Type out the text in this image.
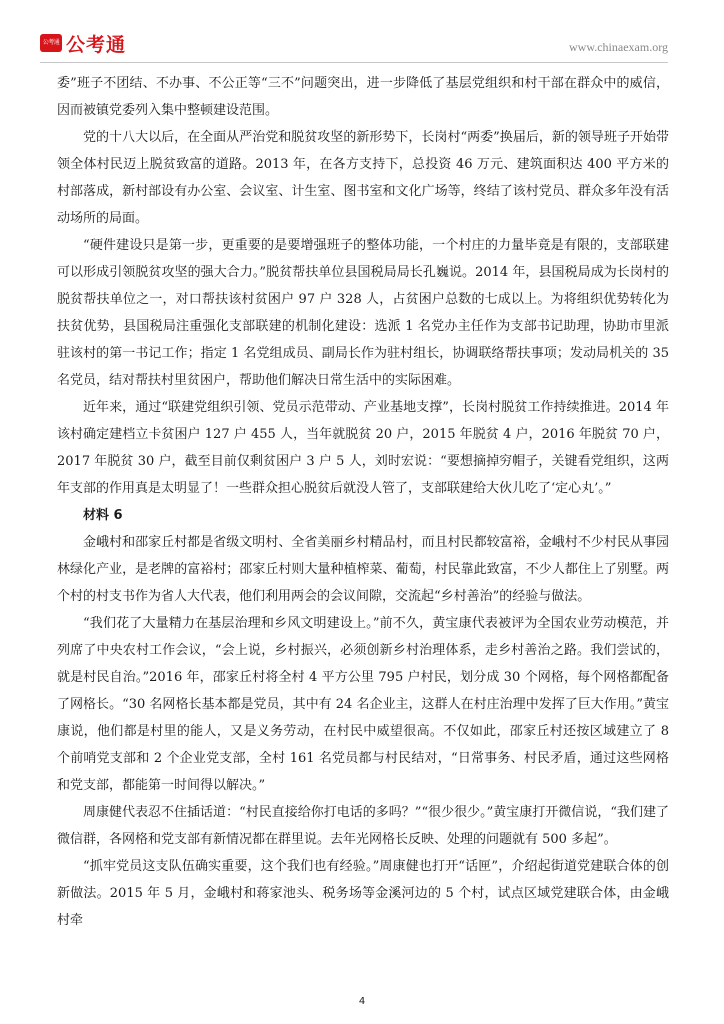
公考通 公考通	www.chinaexam.org

委”班子不团结、不办事、不公正等“三不”问题突出，进一步降低了基层党组织和村干部在群众中的威信，因而被镇党委列入集中整顿建设范围。

党的十八大以后，在全面从严治党和脱贫攻坚的新形势下，长岗村“两委”换届后，新的领导班子开始带领全体村民迈上脱贫致富的道路。2013 年，在各方支持下，总投资 46 万元、建筑面积达 400 平方米的村部落成，新村部设有办公室、会议室、计生室、图书室和文化广场等，终结了该村党员、群众多年没有活动场所的局面。

“硬件建设只是第一步，更重要的是要增强班子的整体功能，一个村庄的力量毕竟是有限的，支部联建可以形成引领脱贫攻坚的强大合力。”脱贫帮扶单位县国税局局长孔巍说。2014 年，县国税局成为长岗村的脱贫帮扶单位之一，对口帮扶该村贫困户 97 户 328 人，占贫困户总数的七成以上。为将组织优势转化为扶贫优势，县国税局注重强化支部联建的机制化建设：选派 1 名党办主任作为支部书记助理，协助市里派驻该村的第一书记工作；指定 1 名党组成员、副局长作为驻村组长，协调联络帮扶事项；发动局机关的 35 名党员，结对帮扶村里贫困户，帮助他们解决日常生活中的实际困难。

近年来，通过“联建党组织引领、党员示范带动、产业基地支撑”，长岗村脱贫工作持续推进。2014 年该村确定建档立卡贫困户 127 户 455 人，当年就脱贫 20 户，2015 年脱贫 4 户，2016 年脱贫 70 户，2017 年脱贫 30 户，截至目前仅剩贫困户 3 户 5 人，刘时宏说：“要想摘掉穷帽子，关键看党组织，这两年支部的作用真是太明显了！一些群众担心脱贫后就没人管了，支部联建给大伙儿吃了‘定心丸’。”

材料 6

金峨村和邵家丘村都是省级文明村、全省美丽乡村精品村，而且村民都较富裕，金峨村不少村民从事园林绿化产业，是老牌的富裕村；邵家丘村则大量种植榨菜、葡萄，村民靠此致富，不少人都住上了别墅。两个村的村支书作为省人大代表，他们利用两会的会议间隙，交流起“乡村善治”的经验与做法。

“我们花了大量精力在基层治理和乡风文明建设上。”前不久，黄宝康代表被评为全国农业劳动模范，并列席了中央农村工作会议，“会上说，乡村振兴，必须创新乡村治理体系，走乡村善治之路。我们尝试的，就是村民自治。”2016 年，邵家丘村将全村 4 平方公里 795 户村民，划分成 30 个网格，每个网格都配备了网格长。“30 名网格长基本都是党员，其中有 24 名企业主，这群人在村庄治理中发挥了巨大作用。”黄宝康说，他们都是村里的能人，又是义务劳动，在村民中威望很高。不仅如此，邵家丘村还按区域建立了 8 个前哨党支部和 2 个企业党支部，全村 161 名党员都与村民结对，“日常事务、村民矛盾，通过这些网格和党支部，都能第一时间得以解决。”

周康健代表忍不住插话道：“村民直接给你打电话的多吗？”“很少很少。”黄宝康打开微信说，“我们建了微信群，各网格和党支部有新情况都在群里说。去年光网格长反映、处理的问题就有 500 多起”。

“抓牢党员这支队伍确实重要，这个我们也有经验。”周康健也打开“话匣”，介绍起街道党建联合体的创新做法。2015 年 5 月，金峨村和蒋家池头、税务场等金溪河边的 5 个村，试点区域党建联合体，由金峨村牵

4
